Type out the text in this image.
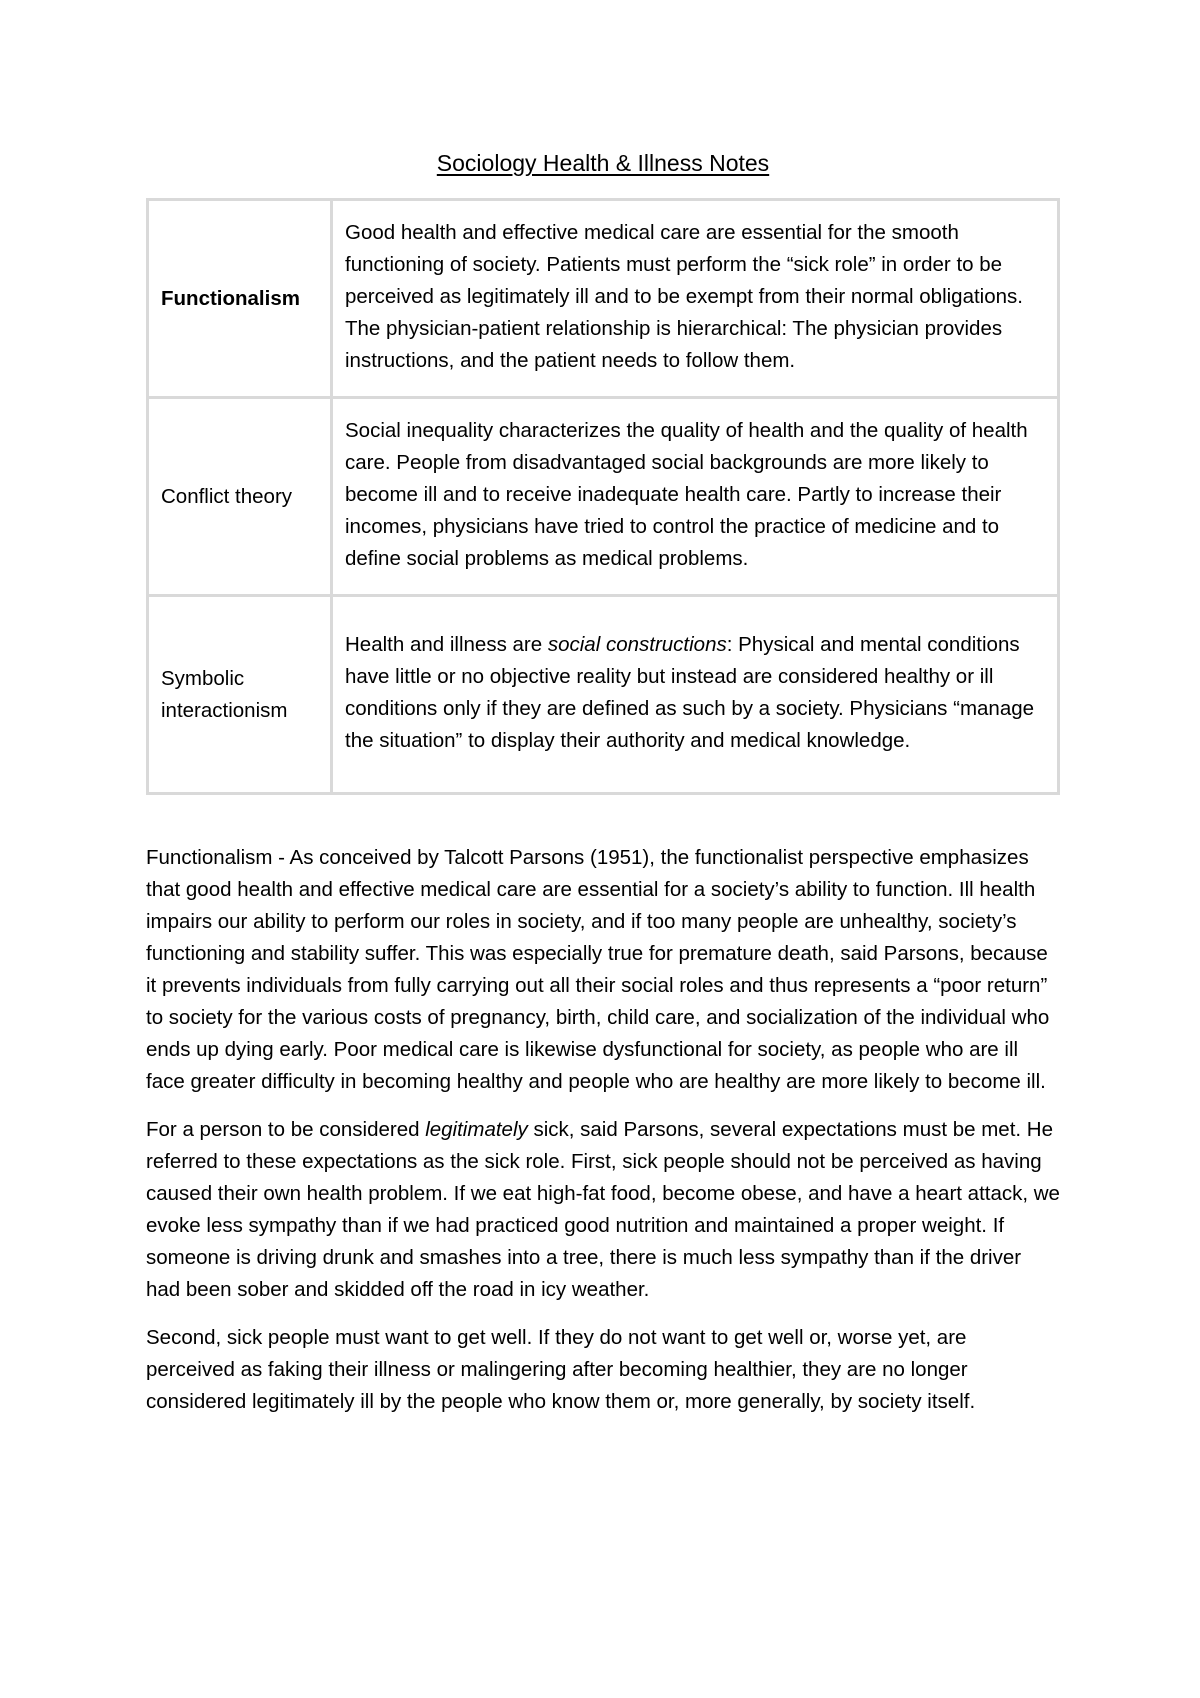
Sociology Health & Illness Notes
Functionalism	Good health and effective medical care are essential for the smooth functioning of society. Patients must perform the “sick role” in order to be perceived as legitimately ill and to be exempt from their normal obligations. The physician-patient relationship is hierarchical: The physician provides instructions, and the patient needs to follow them.
Conflict theory	Social inequality characterizes the quality of health and the quality of health care. People from disadvantaged social backgrounds are more likely to become ill and to receive inadequate health care. Partly to increase their incomes, physicians have tried to control the practice of medicine and to define social problems as medical problems.
Symbolic interactionism	Health and illness are social constructions: Physical and mental conditions have little or no objective reality but instead are considered healthy or ill conditions only if they are defined as such by a society. Physicians “manage the situation” to display their authority and medical knowledge.

Functionalism - As conceived by Talcott Parsons (1951), the functionalist perspective emphasizes that good health and effective medical care are essential for a society’s ability to function. Ill health impairs our ability to perform our roles in society, and if too many people are unhealthy, society’s functioning and stability suffer. This was especially true for premature death, said Parsons, because it prevents individuals from fully carrying out all their social roles and thus represents a “poor return” to society for the various costs of pregnancy, birth, child care, and socialization of the individual who ends up dying early. Poor medical care is likewise dysfunctional for society, as people who are ill face greater difficulty in becoming healthy and people who are healthy are more likely to become ill.

For a person to be considered legitimately sick, said Parsons, several expectations must be met. He referred to these expectations as the sick role. First, sick people should not be perceived as having caused their own health problem. If we eat high-fat food, become obese, and have a heart attack, we evoke less sympathy than if we had practiced good nutrition and maintained a proper weight. If someone is driving drunk and smashes into a tree, there is much less sympathy than if the driver had been sober and skidded off the road in icy weather.

Second, sick people must want to get well. If they do not want to get well or, worse yet, are perceived as faking their illness or malingering after becoming healthier, they are no longer considered legitimately ill by the people who know them or, more generally, by society itself.
